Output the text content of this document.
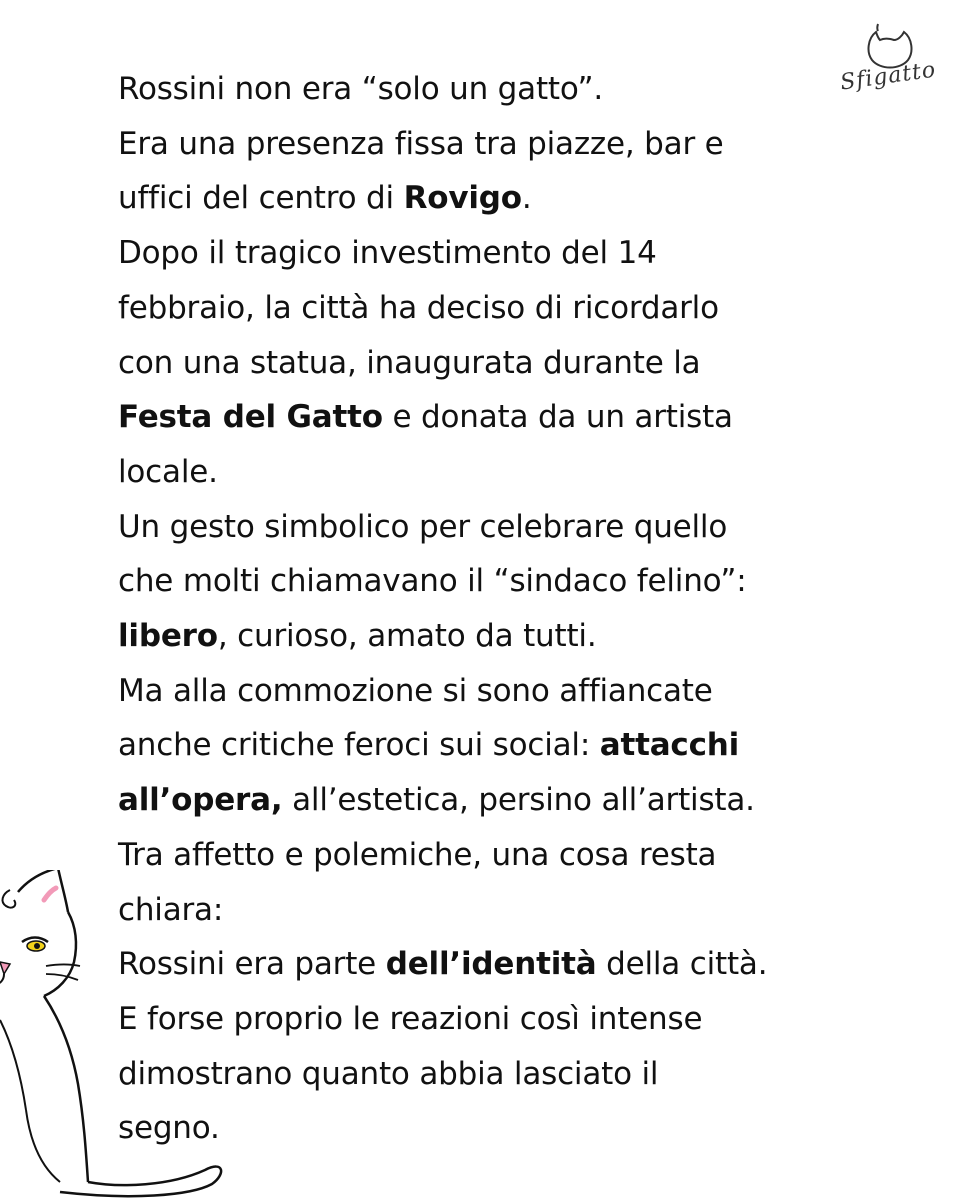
Sfigatto

Rossini non era “solo un gatto”.

Era una presenza fissa tra piazze, bar e

uffici del centro di Rovigo.

Dopo il tragico investimento del 14

febbraio, la città ha deciso di ricordarlo

con una statua, inaugurata durante la

Festa del Gatto e donata da un artista

locale.

Un gesto simbolico per celebrare quello

che molti chiamavano il “sindaco felino”:

libero, curioso, amato da tutti.

Ma alla commozione si sono affiancate

anche critiche feroci sui social: attacchi

all’opera, all’estetica, persino all’artista.

Tra affetto e polemiche, una cosa resta

chiara:

Rossini era parte dell’identità della città.

E forse proprio le reazioni così intense

dimostrano quanto abbia lasciato il

segno.
